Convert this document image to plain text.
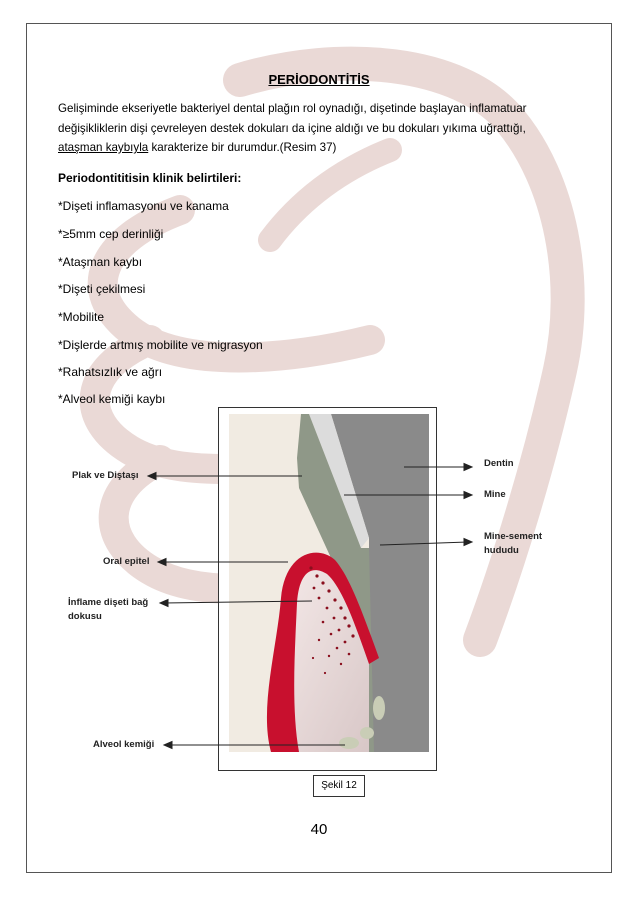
PERİODONTİTİS
Gelişiminde ekseriyetle bakteriyel dental plağın rol oynadığı, dişetinde başlayan inflamatuar
değişikliklerin dişi çevreleyen destek dokuları da içine aldığı ve bu dokuları yıkıma uğrattığı,
ataşman kaybıyla karakterize bir durumdur.(Resim 37)
Periodontititisin klinik belirtileri:
*Dişeti inflamasyonu ve kanama
*≥5mm cep derinliği
*Ataşman kaybı
*Dişeti çekilmesi
*Mobilite
*Dişlerde artmış mobilite ve migrasyon
*Rahatsızlık ve ağrı
*Alveol kemiği kaybı
Plak ve Diştaşı
Oral epitel
İnflame dişeti bağ
dokusu
Alveol kemiği
Dentin
Mine
Mine-sement
hududu
Şekil 12
40
